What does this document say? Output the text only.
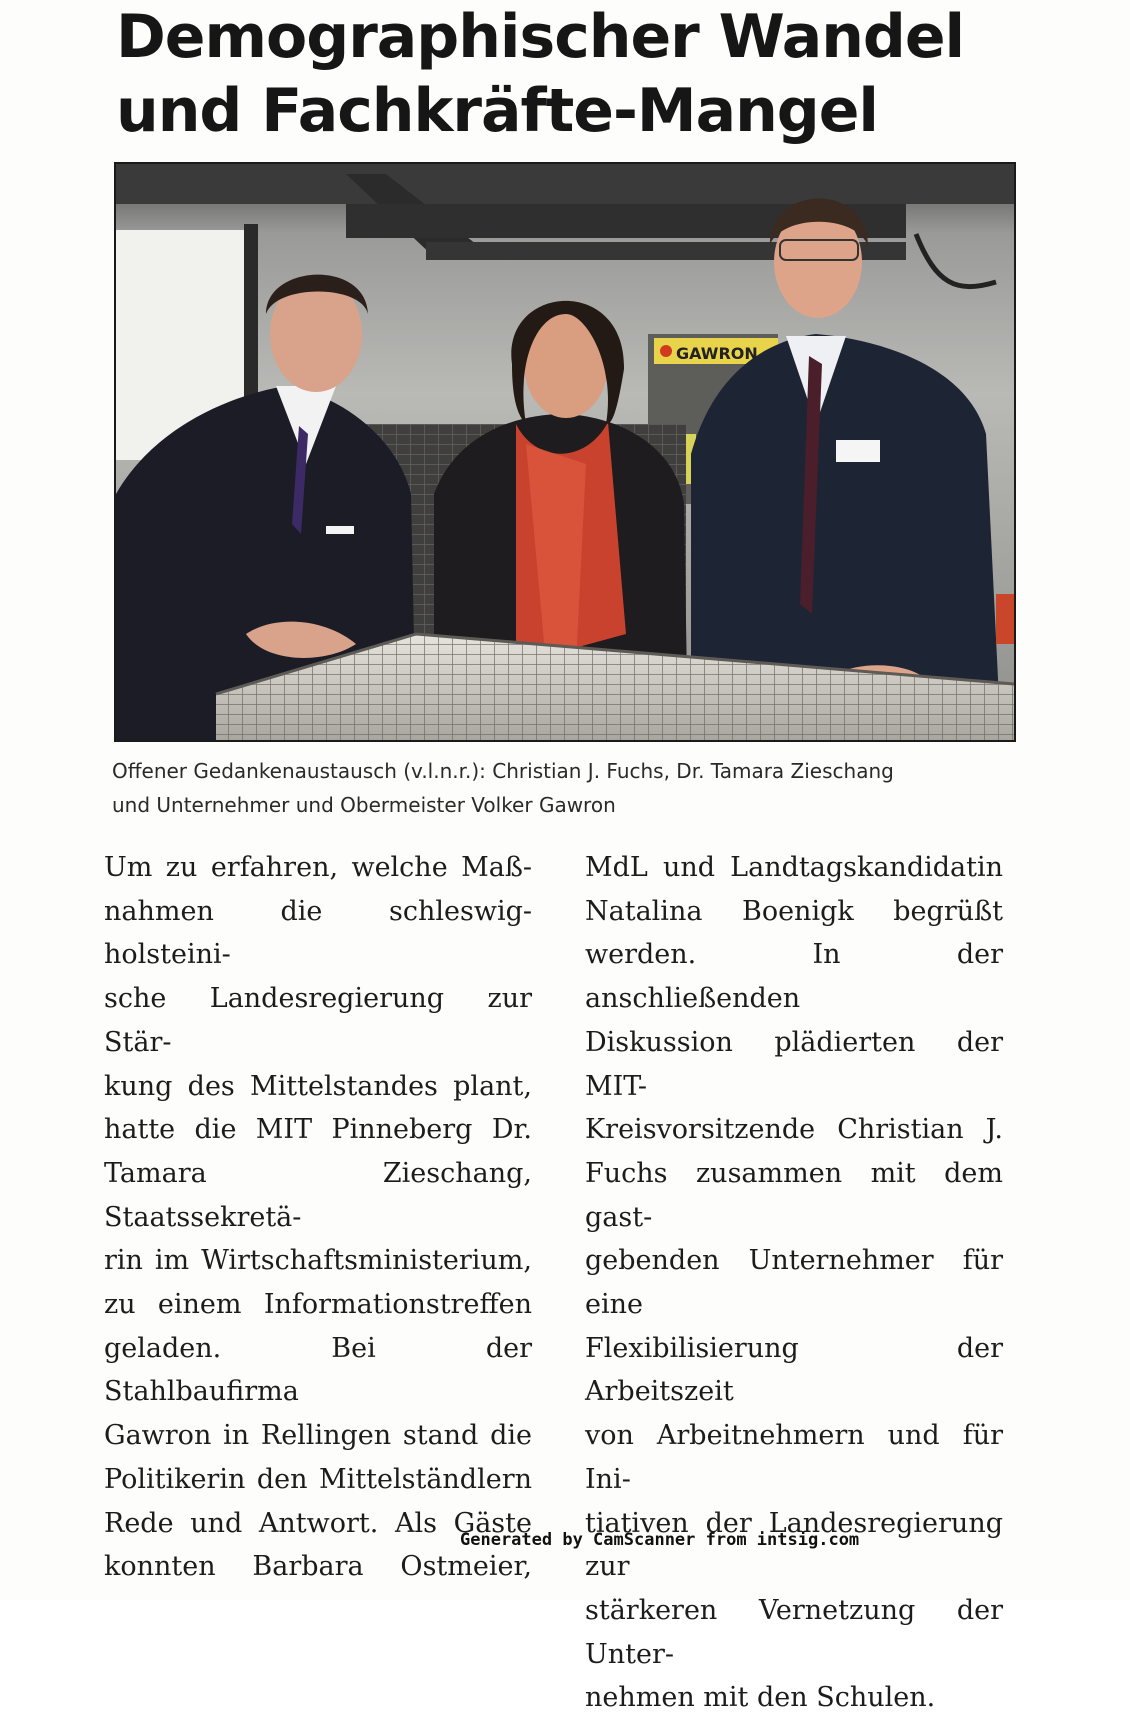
Demographischer Wandel
und Fachkräfte-Mangel
GAWRON
Offener Gedankenaustausch (v.l.n.r.): Christian J. Fuchs, Dr. Tamara Zieschang
und Unternehmer und Obermeister Volker Gawron
Um zu erfahren, welche Maß-
nahmen die schleswig-holsteini-
sche Landesregierung zur Stär-
kung des Mittelstandes plant,
hatte die MIT Pinneberg Dr.
Tamara Zieschang, Staatssekretä-
rin im Wirtschaftsministerium,
zu einem Informationstreffen
geladen. Bei der Stahlbaufirma
Gawron in Rellingen stand die
Politikerin den Mittelständlern
Rede und Antwort. Als Gäste
konnten Barbara Ostmeier,
MdL und Landtagskandidatin
Natalina Boenigk begrüßt
werden. In der anschließenden
Diskussion plädierten der MIT-
Kreisvorsitzende Christian J.
Fuchs zusammen mit dem gast-
gebenden Unternehmer für eine
Flexibilisierung der Arbeitszeit
von Arbeitnehmern und für Ini-
tiativen der Landesregierung zur
stärkeren Vernetzung der Unter-
nehmen mit den Schulen.
Generated by CamScanner from intsig.com
